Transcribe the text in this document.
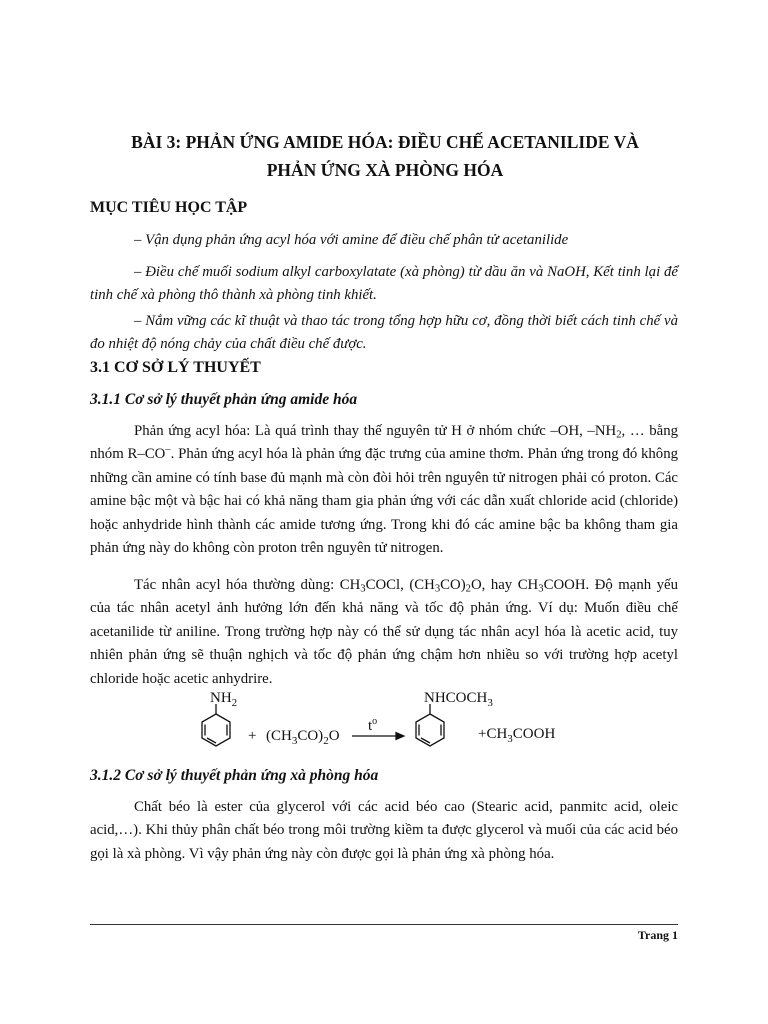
BÀI 3: PHẢN ỨNG AMIDE HÓA: ĐIỀU CHẾ ACETANILIDE VÀ
PHẢN ỨNG XÀ PHÒNG HÓA
MỤC TIÊU HỌC TẬP
– Vận dụng phản ứng acyl hóa với amine để điều chế phân tử acetanilide
– Điều chế muối sodium alkyl carboxylatate (xà phòng) từ dầu ăn và NaOH, Kết tinh lại để tinh chế xà phòng thô thành xà phòng tinh khiết.
– Nắm vững các kĩ thuật và thao tác trong tổng hợp hữu cơ, đồng thời biết cách tinh chế và đo nhiệt độ nóng chảy của chất điều chế được.
3.1 CƠ SỞ LÝ THUYẾT
3.1.1 Cơ sở lý thuyết phản ứng amide hóa
Phản ứng acyl hóa: Là quá trình thay thế nguyên tử H ở nhóm chức –OH, $-NH_2$, … bằng nhóm R–CO–. Phản ứng acyl hóa là phản ứng đặc trưng của amine thơm. Phản ứng trong đó không những cần amine có tính base đủ mạnh mà còn đòi hỏi trên nguyên tử nitrogen phải có proton. Các amine bậc một và bậc hai có khả năng tham gia phản ứng với các dẫn xuất chloride acid (chloride) hoặc anhydride hình thành các amide tương ứng. Trong khi đó các amine bậc ba không tham gia phản ứng này do không còn proton trên nguyên tử nitrogen.
Tác nhân acyl hóa thường dùng: $CH_3COCl$, $(CH_3CO)_2O$, hay $CH_3COOH$. Độ mạnh yếu của tác nhân acetyl ảnh hưởng lớn đến khả năng và tốc độ phản ứng. Ví dụ: Muốn điều chế acetanilide từ aniline. Trong trường hợp này có thể sử dụng tác nhân acyl hóa là acetic acid, tuy nhiên phản ứng sẽ thuận nghịch và tốc độ phản ứng chậm hơn nhiều so với trường hợp acetyl chloride hoặc acetic anhydrire.
$NH_2$
+ $(CH_3CO)_2O$
$t^o$
$NHCOCH_3$
$+CH_3COOH$
3.1.2 Cơ sở lý thuyết phản ứng xà phòng hóa
Chất béo là ester của glycerol với các acid béo cao (Stearic acid, panmitc acid, oleic acid,…). Khi thủy phân chất béo trong môi trường kiềm ta được glycerol và muối của các acid béo gọi là xà phòng. Vì vậy phản ứng này còn được gọi là phản ứng xà phòng hóa.
Trang 1
